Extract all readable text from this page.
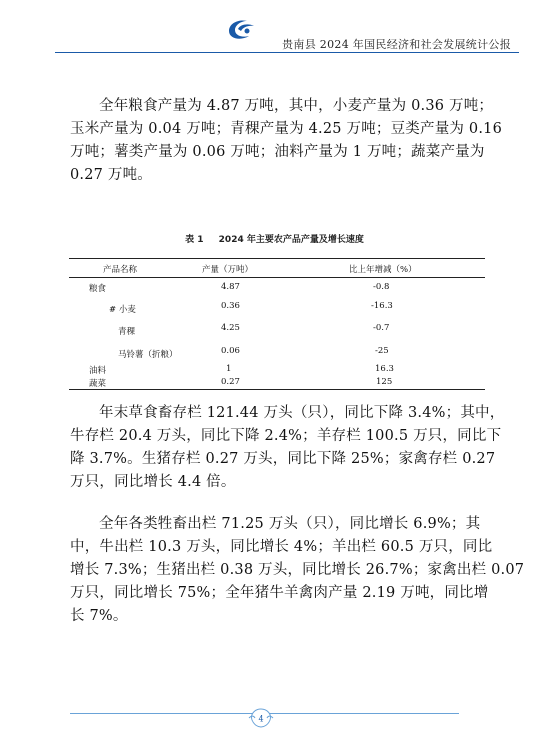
贵南县 2024 年国民经济和社会发展统计公报
全年粮食产量为 4.87 万吨，其中，小麦产量为 0.36 万吨；
玉米产量为 0.04 万吨；青稞产量为 4.25 万吨；豆类产量为 0.16
万吨；薯类产量为 0.06 万吨；油料产量为 1 万吨；蔬菜产量为
0.27 万吨。
表 1 2024 年主要农产品产量及增长速度
产品名称	产量（万吨）	比上年增减（%）
粮食	4.87	-0.8
# 小麦	0.36	-16.3
青稞	4.25	-0.7
马铃薯（折粮）	0.06	-25
油料	1	16.3
蔬菜	0.27	125
年末草食畜存栏 121.44 万头（只），同比下降 3.4%；其中，
牛存栏 20.4 万头，同比下降 2.4%；羊存栏 100.5 万只，同比下
降 3.7%。生猪存栏 0.27 万头，同比下降 25%；家禽存栏 0.27
万只，同比增长 4.4 倍。
全年各类牲畜出栏 71.25 万头（只），同比增长 6.9%；其
中，牛出栏 10.3 万头，同比增长 4%；羊出栏 60.5 万只，同比
增长 7.3%；生猪出栏 0.38 万头，同比增长 26.7%；家禽出栏 0.07
万只，同比增长 75%；全年猪牛羊禽肉产量 2.19 万吨，同比增
长 7%。
4
